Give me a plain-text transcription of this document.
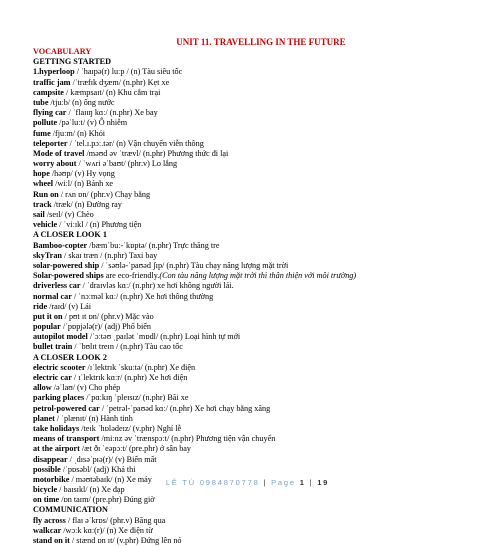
UNIT 11. TRAVELLING IN THE FUTURE
VOCABULARY
GETTING STARTED
1.hyperloop / ˈhaɪpə(r) luːp / (n) Tàu siêu tốc
traffic jam /ˈtræfɪk dʒæm/ (n.phr) Kẹt xe
campsite / kæmpsaɪt/ (n) Khu cắm trại
tube /tjuːb/ (n) ống nước
flying car / ˈflaɪɪŋ kɑː/ (n.phr) Xe bay
pollute /pəˈluːt/ (v) Ô nhiễm
fume /fjuːm/ (n) Khói
teleporter / ˈtel.ɪ.pɔː.tər/ (n) Vận chuyển viễn thông
Mode of travel /məʊd əv ˈtrævl/ (n.phr) Phương thức đi lại
worry about / ˈwʌri əˈbaʊt/ (phr.v) Lo lắng
hope /həʊp/ (v) Hy vọng
wheel /wiːl/ (n) Bánh xe
Run on / rʌn ɒn/ (phr.v) Chạy bằng
track /træk/ (n) Đường ray
sail /seɪl/ (v) Chèo
vehicle / ˈviːɪkl / (n) Phương tiện
A CLOSER LOOK 1
Bamboo-copter /bæmˈbuː-ˈkɒptə/ (n.phr) Trực thăng tre
skyTran / skaɪ træn / (n.phr) Taxi bay
solar-powered ship / ˈsəʊlə-ˈpaʊəd ʃɪp/ (n.phr) Tàu chạy năng lượng mặt trời
Solar-powered ships are eco-friendly.(Con tàu năng lượng mặt trời thì thân thiện với môi trường)
driverless car / ˈdraɪvləs kɑː/ (n.phr) xe hơi không người lái.
normal car / ˈnɔːməl kɑː/ (n.phr) Xe hơi thông thường
ride /raɪd/ (v) Lái
put it on / pʊt ɪt ɒn/ (phr.v) Mặc vào
popular /ˈpɒpjələ(r)/ (adj) Phổ biến
autopilot model /ˈɔːtəʊ ˌpaɪlət ˈmɒdl/ (n.phr) Loại hình tự mới
bullet train / ˈbʊlɪt treɪn / (n.phr) Tàu cao tốc
A CLOSER LOOK 2
electric scooter /ɪˈlektrɪk ˈskuːtə/ (n.phr) Xe điện
electric car / ɪˈlektrɪk kɑːr/ (n.phr) Xe hơi điện
allow /əˈlaʊ/ (v) Cho phép
parking places /ˈpɑːkɪŋ ˈpleɪsɪz/ (n.phr) Bãi xe
petrol-powered car / ˈpetrəl-ˈpaʊəd kɑː/ (n.phr) Xe hơi chạy bằng xăng
planet / ˈplænɪt/ (n) Hành tinh
take holidays /teɪk ˈhɒlədeɪz/ (v.phr) Nghỉ lễ
means of transport /miːnz əv ˈtrænspɔːt/ (n.phr) Phương tiện vận chuyển
at the airport /æt ðɪ ˈeəpɔːt/ (pre.phr) ở sân bay
disappear / ˌdɪsəˈpɪə(r)/ (v) Biến mất
possible /ˈpɒsəbl/ (adj) Khả thi
motorbike / məʊtəbaɪk/ (n) Xe máy
bicycle / baɪsɪkl/ (n) Xe đạp
on time /ɒn taɪm/ (pre.phr) Đúng giờ
COMMUNICATION
fly across / flaɪ əˈkrɒs/ (phr.v) Băng qua
walkcar /wɔːk kɑː(r)/ (n) Xe điện từ
stand on it / stænd ɒn ɪt/ (v.phr) Đứng lên nó
LÊ TÚ 0984870778 | Page 1 | 19
